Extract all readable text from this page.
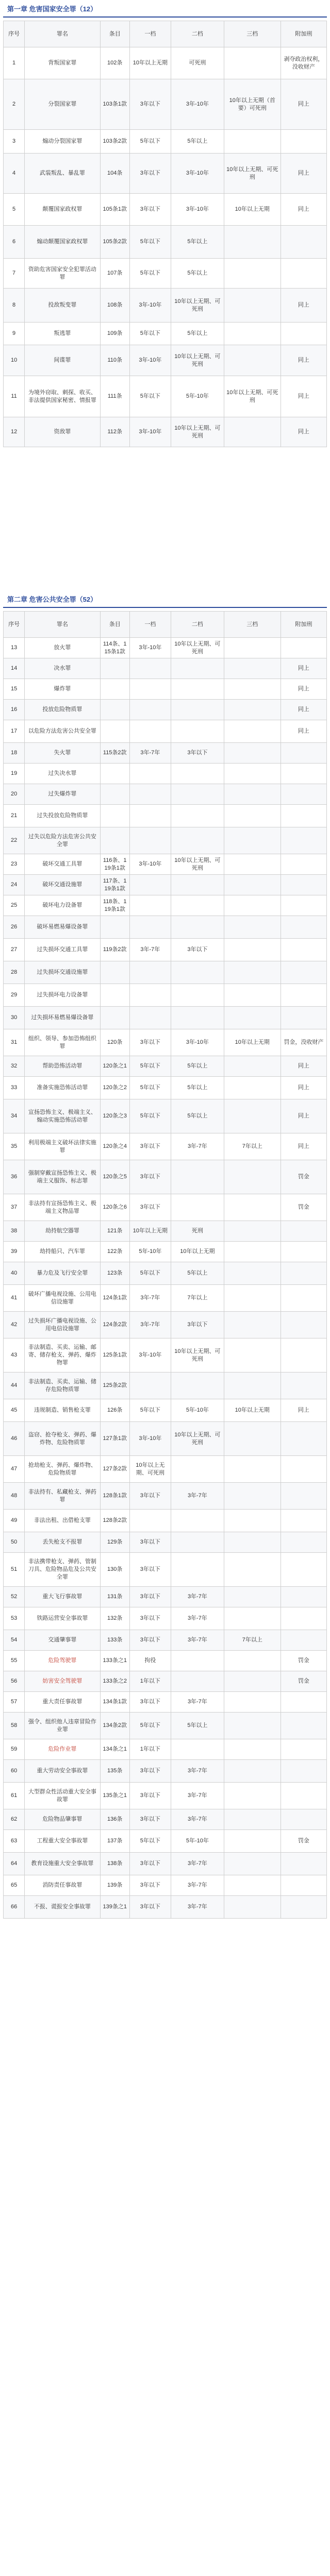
第一章 危害国家安全罪（12）
序号	罪名	条目	一档	二档	三档	附加刑
1	背叛国家罪	102条	10年以上无期	可死刑		剥夺政治权利，没收财产
2	分裂国家罪	103条1款	3年以下	3年-10年	10年以上无期（首要）可死刑	同上
3	煽动分裂国家罪	103条2款	5年以下	5年以上		
4	武装叛乱、暴乱罪	104条	3年以下	3年-10年	10年以上无期、可死刑	同上
5	颠覆国家政权罪	105条1款	3年以下	3年-10年	10年以上无期	同上
6	煽动颠覆国家政权罪	105条2款	5年以下	5年以上		
7	资助危害国家安全犯罪活动罪	107条	5年以下	5年以上		
8	投敌叛变罪	108条	3年-10年	10年以上无期、可死刑		同上
9	叛逃罪	109条	5年以下	5年以上		
10	间谍罪	110条	3年-10年	10年以上无期、可死刑		同上
11	为境外窃取、刺探、收买、非法提供国家秘密、情报罪	111条	5年以下	5年-10年	10年以上无期、可死刑	同上
12	资敌罪	112条	3年-10年	10年以上无期、可死刑		同上
第二章 危害公共安全罪（52）
序号	罪名	条目	一档	二档	三档	附加刑
13	放火罪	114条、115条1款	3年-10年	10年以上无期、可死刑		
14	决水罪					同上
15	爆炸罪					同上
16	投放危险物质罪					同上
17	以危险方法危害公共安全罪					同上
18	失火罪	115条2款	3年-7年	3年以下		
19	过失决水罪					
20	过失爆炸罪					
21	过失投放危险物质罪					
22	过失以危险方法危害公共安全罪					
23	破坏交通工具罪	116条、119条1款	3年-10年	10年以上无期、可死刑		
24	破坏交通设施罪	117条、119条1款				
25	破坏电力设备罪	118条、119条1款				
26	破坏易燃易爆设备罪					
27	过失损坏交通工具罪	119条2款	3年-7年	3年以下		
28	过失损坏交通设施罪					
29	过失损坏电力设备罪					
30	过失损坏易燃易爆设备罪					
31	组织、领导、参加恐怖组织罪	120条	3年以下	3年-10年	10年以上无期	罚金，没收财产
32	帮助恐怖活动罪	120条之1	5年以下	5年以上		同上
33	准备实施恐怖活动罪	120条之2	5年以下	5年以上		同上
34	宣扬恐怖主义、极端主义、煽动实施恐怖活动罪	120条之3	5年以下	5年以上		同上
35	利用极端主义破坏法律实施罪	120条之4	3年以下	3年-7年	7年以上	同上
36	强制穿戴宣扬恐怖主义、极端主义服饰、标志罪	120条之5	3年以下			罚金
37	非法持有宣扬恐怖主义、极端主义物品罪	120条之6	3年以下			罚金
38	劫持航空器罪	121条	10年以上无期	死刑		
39	劫持船只、汽车罪	122条	5年-10年	10年以上无期		
40	暴力危及飞行安全罪	123条	5年以下	5年以上		
41	破坏广播电视设施、公用电信设施罪	124条1款	3年-7年	7年以上		
42	过失损坏广播电视设施、公用电信设施罪	124条2款	3年-7年	3年以下		
43	非法制造、买卖、运输、邮寄、储存枪支、弹药、爆炸物罪	125条1款	3年-10年	10年以上无期、可死刑		
44	非法制造、买卖、运输、储存危险物质罪	125条2款				
45	违规制造、销售枪支罪	126条	5年以下	5年-10年	10年以上无期	同上
46	盗窃、抢夺枪支、弹药、爆炸物、危险物质罪	127条1款	3年-10年	10年以上无期、可死刑		
47	抢劫枪支、弹药、爆炸物、危险物质罪	127条2款	10年以上无期、可死刑			
48	非法持有、私藏枪支、弹药罪	128条1款	3年以下	3年-7年		
49	非法出租、出借枪支罪	128条2款				
50	丢失枪支不报罪	129条	3年以下			
51	非法携带枪支、弹药、管制刀具、危险物品危及公共安全罪	130条	3年以下			
52	重大飞行事故罪	131条	3年以下	3年-7年		
53	铁路运营安全事故罪	132条	3年以下	3年-7年		
54	交通肇事罪	133条	3年以下	3年-7年	7年以上	
55	危险驾驶罪	133条之1	拘役			罚金
56	妨害安全驾驶罪	133条之2	1年以下			罚金
57	重大责任事故罪	134条1款	3年以下	3年-7年		
58	强令、组织他人违章冒险作业罪	134条2款	5年以下	5年以上		
59	危险作业罪	134条之1	1年以下			
60	重大劳动安全事故罪	135条	3年以下	3年-7年		
61	大型群众性活动重大安全事故罪	135条之1	3年以下	3年-7年		
62	危险物品肇事罪	136条	3年以下	3年-7年		
63	工程重大安全事故罪	137条	5年以下	5年-10年		罚金
64	教育设施重大安全事故罪	138条	3年以下	3年-7年		
65	消防责任事故罪	139条	3年以下	3年-7年		
66	不报、谎报安全事故罪	139条之1	3年以下	3年-7年		
